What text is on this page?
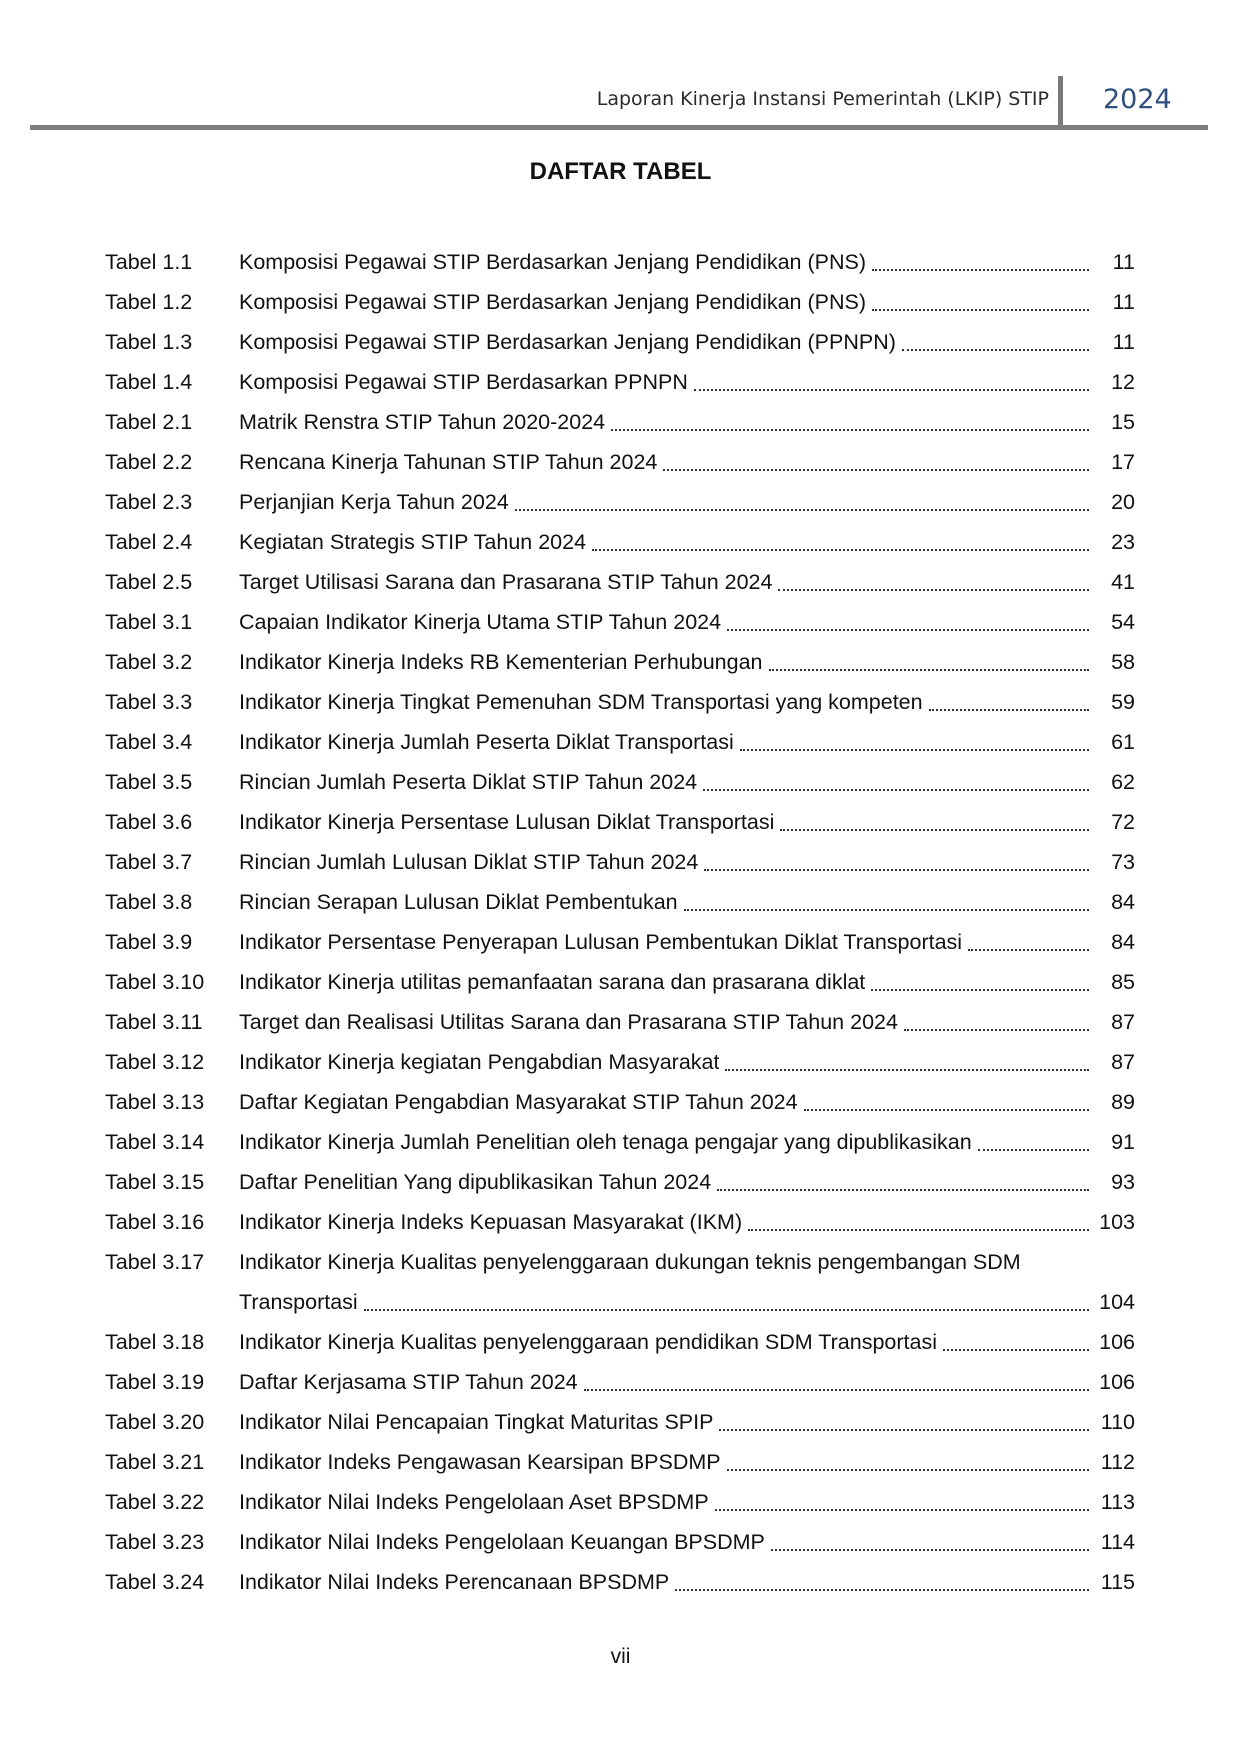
Laporan Kinerja Instansi Pemerintah (LKIP) STIP 2024
DAFTAR TABEL
Tabel 1.1	Komposisi Pegawai STIP Berdasarkan Jenjang Pendidikan (PNS)	11
Tabel 1.2	Komposisi Pegawai STIP Berdasarkan Jenjang Pendidikan (PNS)	11
Tabel 1.3	Komposisi Pegawai STIP Berdasarkan Jenjang Pendidikan (PPNPN)	11
Tabel 1.4	Komposisi Pegawai STIP Berdasarkan PPNPN	12
Tabel 2.1	Matrik Renstra STIP Tahun 2020-2024	15
Tabel 2.2	Rencana Kinerja Tahunan STIP Tahun 2024	17
Tabel 2.3	Perjanjian Kerja Tahun 2024	20
Tabel 2.4	Kegiatan Strategis STIP Tahun 2024	23
Tabel 2.5	Target Utilisasi Sarana dan Prasarana STIP Tahun 2024	41
Tabel 3.1	Capaian Indikator Kinerja Utama STIP Tahun 2024	54
Tabel 3.2	Indikator Kinerja Indeks RB Kementerian Perhubungan	58
Tabel 3.3	Indikator Kinerja Tingkat Pemenuhan SDM Transportasi yang kompeten	59
Tabel 3.4	Indikator Kinerja Jumlah Peserta Diklat Transportasi	61
Tabel 3.5	Rincian Jumlah Peserta Diklat STIP Tahun 2024	62
Tabel 3.6	Indikator Kinerja Persentase Lulusan Diklat Transportasi	72
Tabel 3.7	Rincian Jumlah Lulusan Diklat STIP Tahun 2024	73
Tabel 3.8	Rincian Serapan Lulusan Diklat Pembentukan	84
Tabel 3.9	Indikator Persentase Penyerapan Lulusan Pembentukan Diklat Transportasi	84
Tabel 3.10	Indikator Kinerja utilitas pemanfaatan sarana dan prasarana diklat	85
Tabel 3.11	Target dan Realisasi Utilitas Sarana dan Prasarana STIP Tahun 2024	87
Tabel 3.12	Indikator Kinerja kegiatan Pengabdian Masyarakat	87
Tabel 3.13	Daftar Kegiatan Pengabdian Masyarakat STIP Tahun 2024	89
Tabel 3.14	Indikator Kinerja Jumlah Penelitian oleh tenaga pengajar yang dipublikasikan	91
Tabel 3.15	Daftar Penelitian Yang dipublikasikan Tahun 2024	93
Tabel 3.16	Indikator Kinerja Indeks Kepuasan Masyarakat (IKM)	103
Tabel 3.17	Indikator Kinerja Kualitas penyelenggaraan dukungan teknis pengembangan SDM
Transportasi	104
Tabel 3.18	Indikator Kinerja Kualitas penyelenggaraan pendidikan SDM Transportasi	106
Tabel 3.19	Daftar Kerjasama STIP Tahun 2024	106
Tabel 3.20	Indikator Nilai Pencapaian Tingkat Maturitas SPIP	110
Tabel 3.21	Indikator Indeks Pengawasan Kearsipan BPSDMP	112
Tabel 3.22	Indikator Nilai Indeks Pengelolaan Aset BPSDMP	113
Tabel 3.23	Indikator Nilai Indeks Pengelolaan Keuangan BPSDMP	114
Tabel 3.24	Indikator Nilai Indeks Perencanaan BPSDMP	115
vii
